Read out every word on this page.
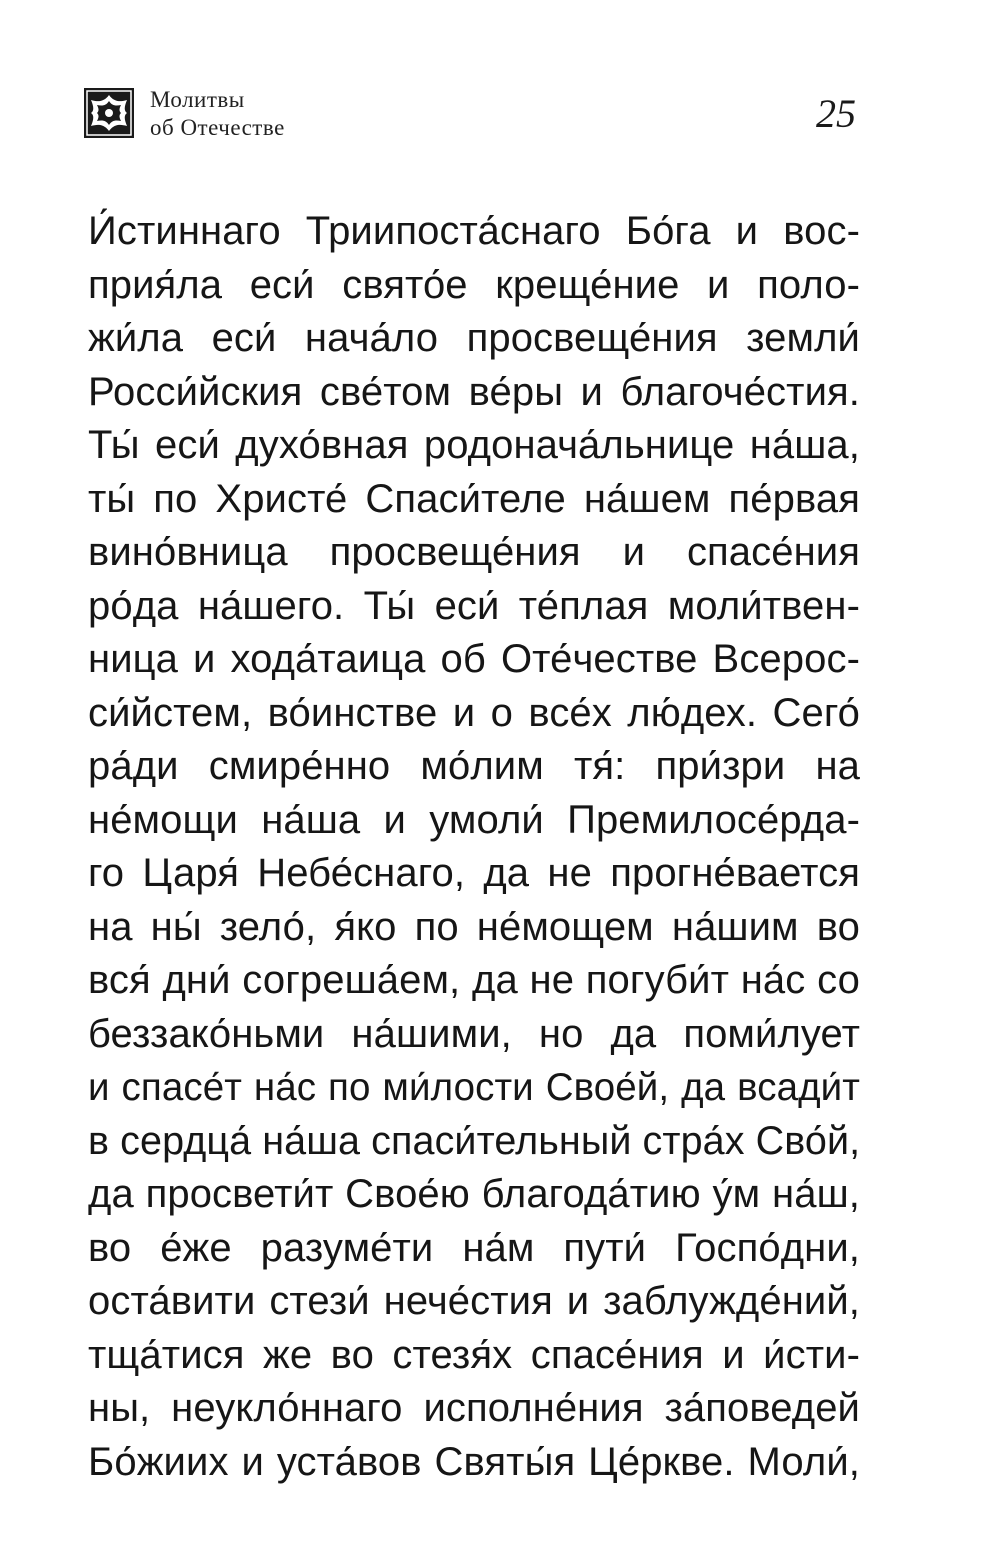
Молитвы
об Отечестве	25
И́стиннаго Триипоста́снаго Бо́га и вос-
прия́ла еси́ свято́е креще́ние и поло-
жи́ла еси́ нача́ло просвеще́ния земли́
Росси́йския све́том ве́ры и благоче́стия.
Ты́ еси́ духо́вная родонача́льнице на́ша,
ты́ по Христе́ Спаси́теле на́шем пе́рвая
вино́вница просвеще́ния и спасе́ния
ро́да на́шего. Ты́ еси́ те́плая моли́твен-
ница и хода́таица об Оте́честве Всерос-
си́йстем, во́инстве и о все́х лю́дех. Сего́
ра́ди смире́нно мо́лим тя́: при́зри на
не́мощи на́ша и умоли́ Премилосе́рда-
го Царя́ Небе́снаго, да не прогне́вается
на ны́ зело́, я́ко по не́мощем на́шим во
вся́ дни́ согреша́ем, да не погуби́т на́с со
беззако́ньми на́шими, но да поми́лует
и спасе́т на́с по ми́лости Свое́й, да всади́т
в сердца́ на́ша спаси́тельный стра́х Сво́й,
да просвети́т Свое́ю благода́тию у́м на́ш,
во е́же разуме́ти на́м пути́ Госпо́дни,
оста́вити стези́ нече́стия и заблужде́ний,
тща́тися же во стезя́х спасе́ния и и́сти-
ны, неукло́ннаго исполне́ния за́поведей
Бо́жиих и уста́вов Святы́я Це́ркве. Моли́,
